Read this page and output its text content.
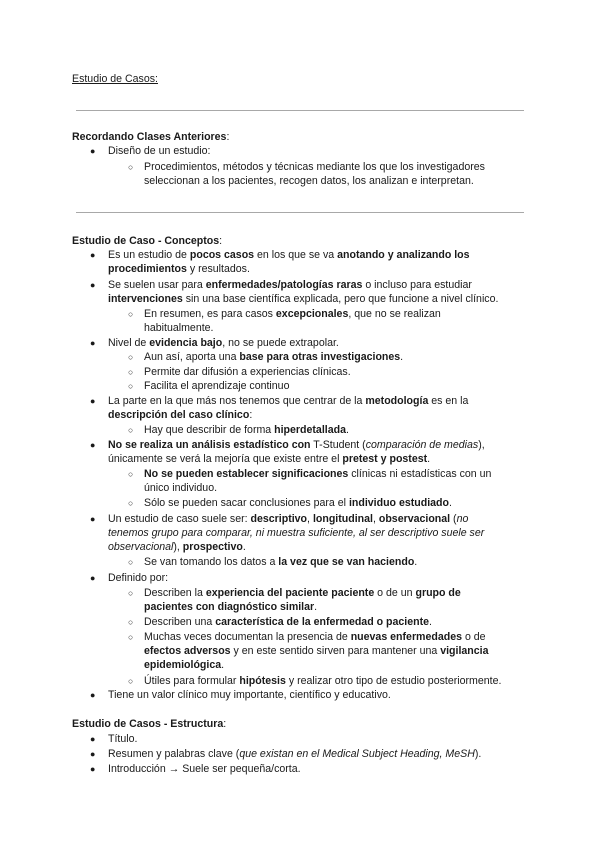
Estudio de Casos:
Recordando Clases Anteriores:
● Diseño de un estudio:
○ Procedimientos, métodos y técnicas mediante los que los investigadores
seleccionan a los pacientes, recogen datos, los analizan e interpretan.
Estudio de Caso - Conceptos:
● Es un estudio de pocos casos en los que se va anotando y analizando los
procedimientos y resultados.
● Se suelen usar para enfermedades/patologías raras o incluso para estudiar
intervenciones sin una base científica explicada, pero que funcione a nivel clínico.
○ En resumen, es para casos excepcionales, que no se realizan
habitualmente.
● Nivel de evidencia bajo, no se puede extrapolar.
○ Aun así, aporta una base para otras investigaciones.
○ Permite dar difusión a experiencias clínicas.
○ Facilita el aprendizaje continuo
● La parte en la que más nos tenemos que centrar de la metodología es en la
descripción del caso clínico:
○ Hay que describir de forma hiperdetallada.
● No se realiza un análisis estadístico con T-Student (comparación de medias),
únicamente se verá la mejoría que existe entre el pretest y postest.
○ No se pueden establecer significaciones clínicas ni estadísticas con un
único individuo.
○ Sólo se pueden sacar conclusiones para el individuo estudiado.
● Un estudio de caso suele ser: descriptivo, longitudinal, observacional (no
tenemos grupo para comparar, ni muestra suficiente, al ser descriptivo suele ser
observacional), prospectivo.
○ Se van tomando los datos a la vez que se van haciendo.
● Definido por:
○ Describen la experiencia del paciente paciente o de un grupo de
pacientes con diagnóstico similar.
○ Describen una característica de la enfermedad o paciente.
○ Muchas veces documentan la presencia de nuevas enfermedades o de
efectos adversos y en este sentido sirven para mantener una vigilancia
epidemiológica.
○ Útiles para formular hipótesis y realizar otro tipo de estudio posteriormente.
● Tiene un valor clínico muy importante, científico y educativo.
Estudio de Casos - Estructura:
● Título.
● Resumen y palabras clave (que existan en el Medical Subject Heading, MeSH).
● Introducción → Suele ser pequeña/corta.
